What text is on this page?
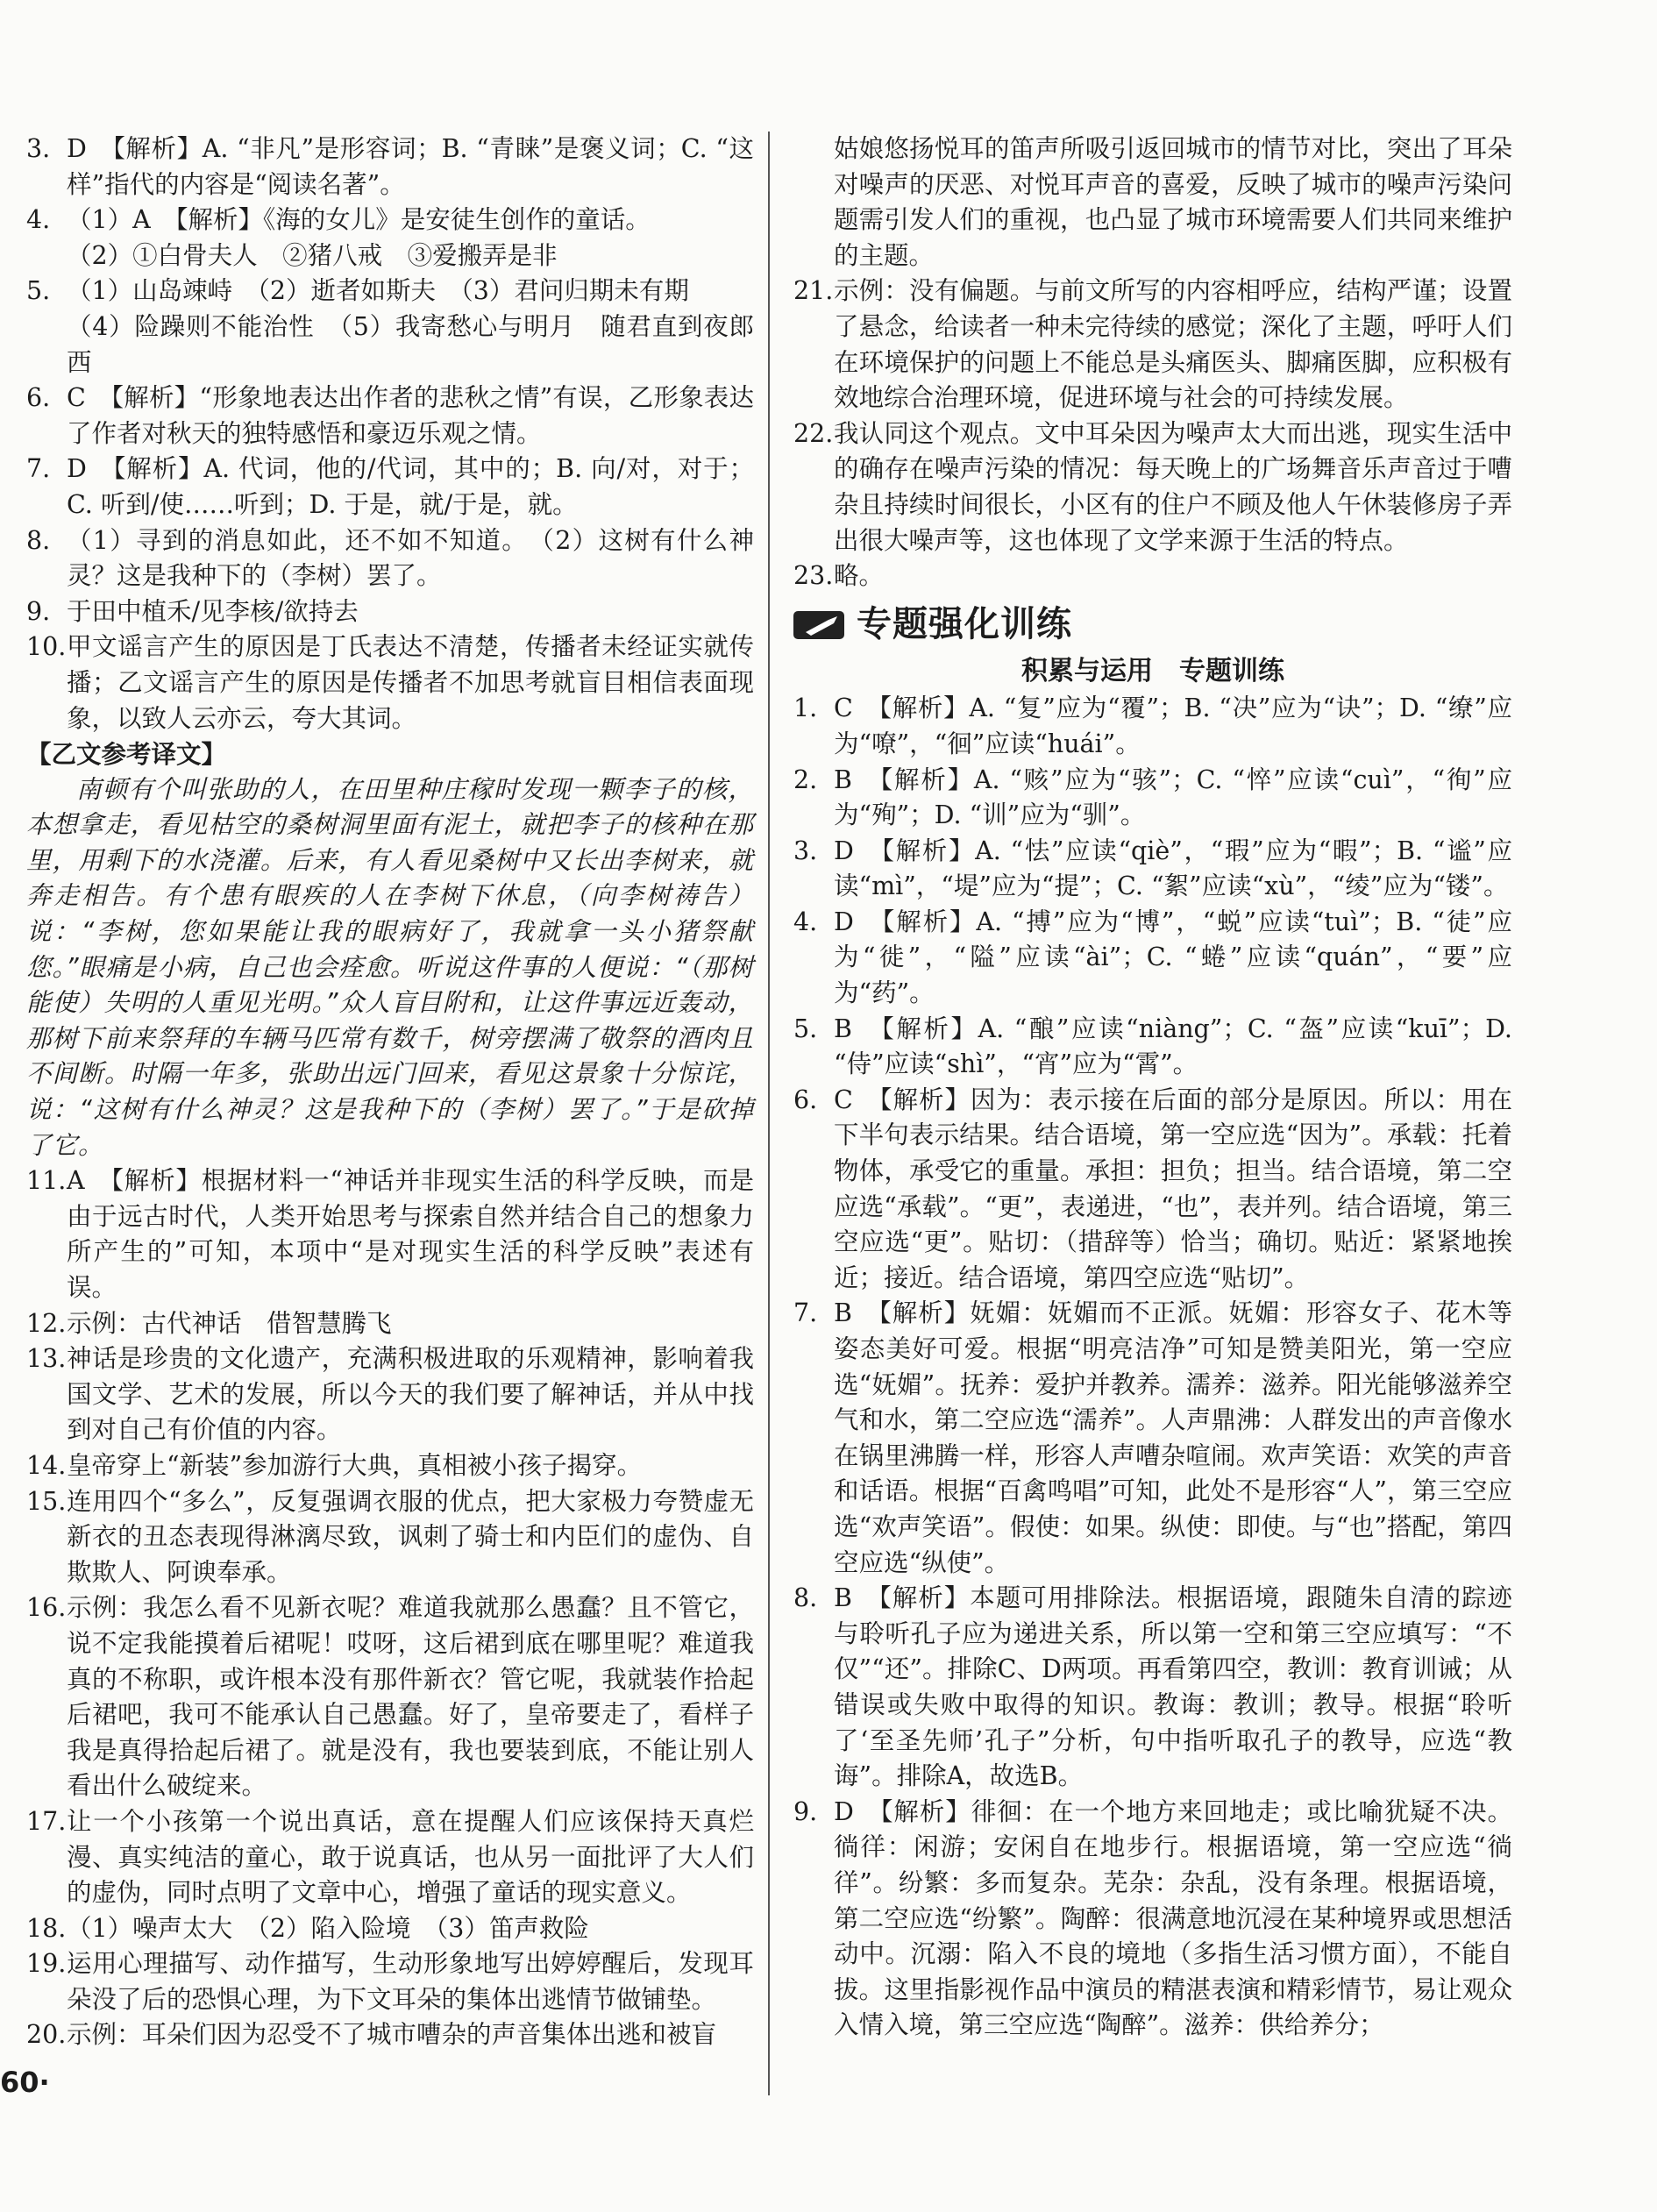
3. D　【解析】A. “非凡”是形容词；B. “青睐”是褒义词；C. “这样”指代的内容是“阅读名著”。
4. （1）A　【解析】《海的女儿》是安徒生创作的童话。
（2）①白骨夫人　②猪八戒　③爱搬弄是非
5. （1）山岛竦峙　（2）逝者如斯夫　（3）君问归期未有期
（4）险躁则不能治性　（5）我寄愁心与明月　随君直到夜郎西
6. C　【解析】“形象地表达出作者的悲秋之情”有误，乙形象表达了作者对秋天的独特感悟和豪迈乐观之情。
7. D　【解析】A. 代词，他的/代词，其中的；B. 向/对，对于；C. 听到/使……听到；D. 于是，就/于是，就。
8. （1）寻到的消息如此，还不如不知道。　（2）这树有什么神灵？这是我种下的（李树）罢了。
9. 于田中植禾/见李核/欲持去
10. 甲文谣言产生的原因是丁氏表达不清楚，传播者未经证实就传播；乙文谣言产生的原因是传播者不加思考就盲目相信表面现象，以致人云亦云，夸大其词。

【乙文参考译文】

南顿有个叫张助的人，在田里种庄稼时发现一颗李子的核，本想拿走，看见枯空的桑树洞里面有泥土，就把李子的核种在那里，用剩下的水浇灌。后来，有人看见桑树中又长出李树来，就奔走相告。有个患有眼疾的人在李树下休息，（向李树祷告）说：“李树，您如果能让我的眼病好了，我就拿一头小猪祭献您。”眼痛是小病，自己也会痊愈。听说这件事的人便说：“（那树能使）失明的人重见光明。”众人盲目附和，让这件事远近轰动，那树下前来祭拜的车辆马匹常有数千，树旁摆满了敬祭的酒肉且不间断。时隔一年多，张助出远门回来，看见这景象十分惊诧，说：“这树有什么神灵？这是我种下的（李树）罢了。”于是砍掉了它。

11. A　【解析】根据材料一“神话并非现实生活的科学反映，而是由于远古时代，人类开始思考与探索自然并结合自己的想象力所产生的”可知，本项中“是对现实生活的科学反映”表述有误。
12. 示例：古代神话　借智慧腾飞
13. 神话是珍贵的文化遗产，充满积极进取的乐观精神，影响着我国文学、艺术的发展，所以今天的我们要了解神话，并从中找到对自己有价值的内容。
14. 皇帝穿上“新装”参加游行大典，真相被小孩子揭穿。
15. 连用四个“多么”，反复强调衣服的优点，把大家极力夸赞虚无新衣的丑态表现得淋漓尽致，讽刺了骑士和内臣们的虚伪、自欺欺人、阿谀奉承。
16. 示例：我怎么看不见新衣呢？难道我就那么愚蠢？且不管它，说不定我能摸着后裙呢！哎呀，这后裙到底在哪里呢？难道我真的不称职，或许根本没有那件新衣？管它呢，我就装作拾起后裙吧，我可不能承认自己愚蠢。好了，皇帝要走了，看样子我是真得拾起后裙了。就是没有，我也要装到底，不能让别人看出什么破绽来。
17. 让一个小孩第一个说出真话，意在提醒人们应该保持天真烂漫、真实纯洁的童心，敢于说真话，也从另一面批评了大人们的虚伪，同时点明了文章中心，增强了童话的现实意义。
18. （1）噪声太大　（2）陷入险境　（3）笛声救险
19. 运用心理描写、动作描写，生动形象地写出婷婷醒后，发现耳朵没了后的恐惧心理，为下文耳朵的集体出逃情节做铺垫。
20. 示例：耳朵们因为忍受不了城市嘈杂的声音集体出逃和被盲

姑娘悠扬悦耳的笛声所吸引返回城市的情节对比，突出了耳朵对噪声的厌恶、对悦耳声音的喜爱，反映了城市的噪声污染问题需引发人们的重视，也凸显了城市环境需要人们共同来维护的主题。

21. 示例：没有偏题。与前文所写的内容相呼应，结构严谨；设置了悬念，给读者一种未完待续的感觉；深化了主题，呼吁人们在环境保护的问题上不能总是头痛医头、脚痛医脚，应积极有效地综合治理环境，促进环境与社会的可持续发展。
22. 我认同这个观点。文中耳朵因为噪声太大而出逃，现实生活中的确存在噪声污染的情况：每天晚上的广场舞音乐声音过于嘈杂且持续时间很长，小区有的住户不顾及他人午休装修房子弄出很大噪声等，这也体现了文学来源于生活的特点。
23. 略。
专题强化训练

积累与运用　专题训练

1. C　【解析】A. “复”应为“覆”；B. “决”应为“诀”；D. “缭”应为“嘹”，“徊”应读“huái”。
2. B　【解析】A. “赅”应为“骇”；C. “悴”应读“cuì”，“徇”应为“殉”；D. “训”应为“驯”。
3. D　【解析】A. “怯”应读“qiè”，“瑕”应为“暇”；B. “谧”应读“mì”，“堤”应为“提”；C. “絮”应读“xù”，“绫”应为“镂”。
4. D　【解析】A. “搏”应为“博”，“蜕”应读“tuì”；B. “徒”应为“徙”，“隘”应读“ài”；C. “蜷”应读“quán”，“要”应为“药”。
5. B　【解析】A. “酿”应读“niàng”；C. “盔”应读“kuī”；D. “侍”应读“shì”，“宵”应为“霄”。
6. C　【解析】因为：表示接在后面的部分是原因。所以：用在下半句表示结果。结合语境，第一空应选“因为”。承载：托着物体，承受它的重量。承担：担负；担当。结合语境，第二空应选“承载”。“更”，表递进，“也”，表并列。结合语境，第三空应选“更”。贴切：（措辞等）恰当；确切。贴近：紧紧地挨近；接近。结合语境，第四空应选“贴切”。
7. B　【解析】妩媚：妩媚而不正派。妩媚：形容女子、花木等姿态美好可爱。根据“明亮洁净”可知是赞美阳光，第一空应选“妩媚”。抚养：爱护并教养。濡养：滋养。阳光能够滋养空气和水，第二空应选“濡养”。人声鼎沸：人群发出的声音像水在锅里沸腾一样，形容人声嘈杂喧闹。欢声笑语：欢笑的声音和话语。根据“百禽鸣唱”可知，此处不是形容“人”，第三空应选“欢声笑语”。假使：如果。纵使：即使。与“也”搭配，第四空应选“纵使”。
8. B　【解析】本题可用排除法。根据语境，跟随朱自清的踪迹与聆听孔子应为递进关系，所以第一空和第三空应填写：“不仅”“还”。排除C、D两项。再看第四空，教训：教育训诫；从错误或失败中取得的知识。教诲：教训；教导。根据“聆听了‘至圣先师’孔子”分析，句中指听取孔子的教导，应选“教诲”。排除A，故选B。
9. D　【解析】徘徊：在一个地方来回地走；或比喻犹疑不决。徜徉：闲游；安闲自在地步行。根据语境，第一空应选“徜徉”。纷繁：多而复杂。芜杂：杂乱，没有条理。根据语境，第二空应选“纷繁”。陶醉：很满意地沉浸在某种境界或思想活动中。沉溺：陷入不良的境地（多指生活习惯方面），不能自拔。这里指影视作品中演员的精湛表演和精彩情节，易让观众入情入境，第三空应选“陶醉”。滋养：供给养分；
60·
